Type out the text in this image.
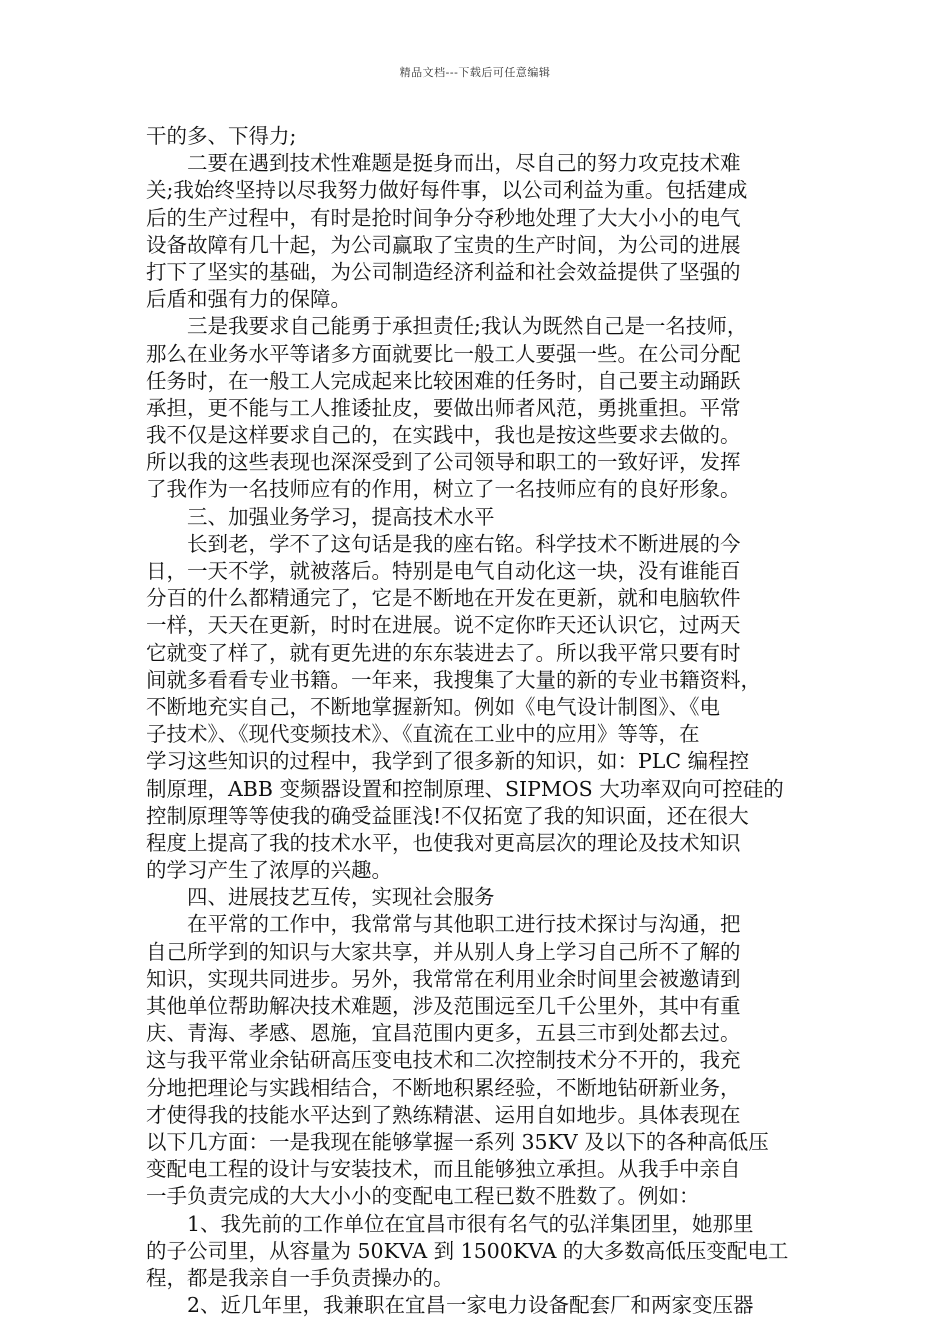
精品文档---下载后可任意编辑
干的多、下得力;
　　二要在遇到技术性难题是挺身而出，尽自己的努力攻克技术难
关;我始终坚持以尽我努力做好每件事，以公司利益为重。包括建成
后的生产过程中，有时是抢时间争分夺秒地处理了大大小小的电气
设备故障有几十起，为公司赢取了宝贵的生产时间，为公司的进展
打下了坚实的基础，为公司制造经济利益和社会效益提供了坚强的
后盾和强有力的保障。
　　三是我要求自己能勇于承担责任;我认为既然自己是一名技师，
那么在业务水平等诸多方面就要比一般工人要强一些。在公司分配
任务时，在一般工人完成起来比较困难的任务时，自己要主动踊跃
承担，更不能与工人推诿扯皮，要做出师者风范，勇挑重担。平常
我不仅是这样要求自己的，在实践中，我也是按这些要求去做的。
所以我的这些表现也深深受到了公司领导和职工的一致好评，发挥
了我作为一名技师应有的作用，树立了一名技师应有的良好形象。
　　三、加强业务学习，提高技术水平
　　长到老，学不了这句话是我的座右铭。科学技术不断进展的今
日，一天不学，就被落后。特别是电气自动化这一块，没有谁能百
分百的什么都精通完了，它是不断地在开发在更新，就和电脑软件
一样，天天在更新，时时在进展。说不定你昨天还认识它，过两天
它就变了样了，就有更先进的东东装进去了。所以我平常只要有时
间就多看看专业书籍。一年来，我搜集了大量的新的专业书籍资料，
不断地充实自己，不断地掌握新知。例如《电气设计制图》、《电
子技术》、《现代变频技术》、《直流在工业中的应用》等等，在
学习这些知识的过程中，我学到了很多新的知识，如：PLC 编程控
制原理，ABB 变频器设置和控制原理、SIPMOS 大功率双向可控硅的
控制原理等等使我的确受益匪浅!不仅拓宽了我的知识面，还在很大
程度上提高了我的技术水平，也使我对更高层次的理论及技术知识
的学习产生了浓厚的兴趣。
　　四、进展技艺互传，实现社会服务
　　在平常的工作中，我常常与其他职工进行技术探讨与沟通，把
自己所学到的知识与大家共享，并从别人身上学习自己所不了解的
知识，实现共同进步。另外，我常常在利用业余时间里会被邀请到
其他单位帮助解决技术难题，涉及范围远至几千公里外，其中有重
庆、青海、孝感、恩施，宜昌范围内更多，五县三市到处都去过。
这与我平常业余钻研高压变电技术和二次控制技术分不开的，我充
分地把理论与实践相结合，不断地积累经验，不断地钻研新业务，
才使得我的技能水平达到了熟练精湛、运用自如地步。具体表现在
以下几方面：一是我现在能够掌握一系列 35KV 及以下的各种高低压
变配电工程的设计与安装技术，而且能够独立承担。从我手中亲自
一手负责完成的大大小小的变配电工程已数不胜数了。例如：
　　1、我先前的工作单位在宜昌市很有名气的弘洋集团里，她那里
的子公司里，从容量为 50KVA 到 1500KVA 的大多数高低压变配电工
程，都是我亲自一手负责操办的。
　　2、近几年里，我兼职在宜昌一家电力设备配套厂和两家变压器
